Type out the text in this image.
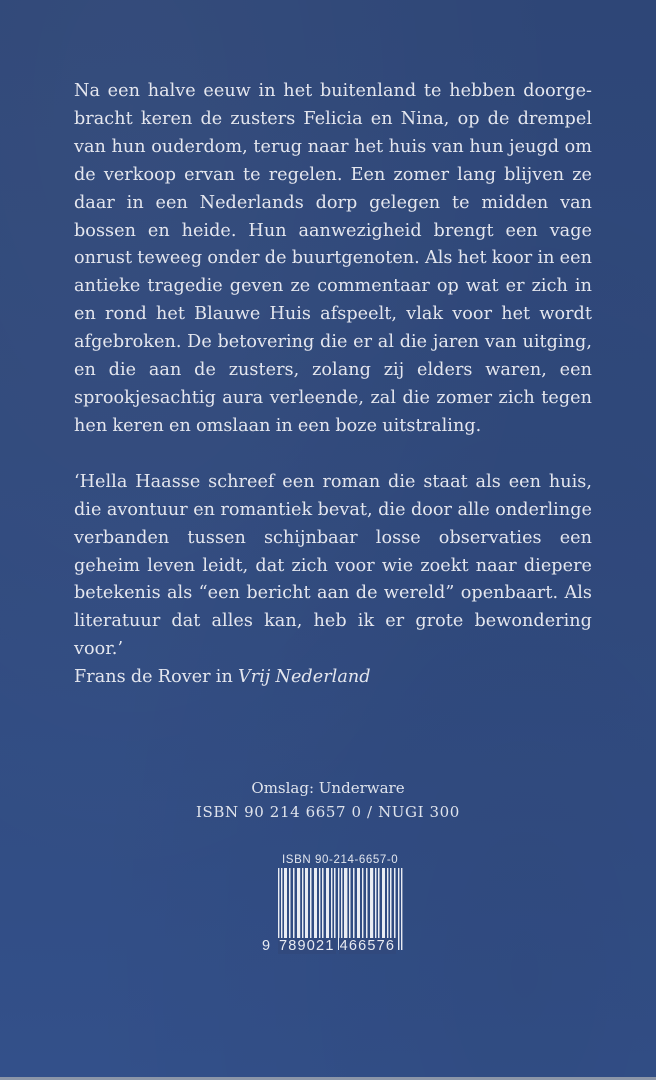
Na een halve eeuw in het buitenland te hebben doorgebracht keren de zusters Felicia en Nina, op de drempel van hun ouderdom, terug naar het huis van hun jeugd om de verkoop ervan te regelen. Een zomer lang blijven ze daar in een Nederlands dorp gelegen te midden van bossen en heide. Hun aanwezigheid brengt een vage onrust teweeg onder de buurtgenoten. Als het koor in een antieke tragedie geven ze commentaar op wat er zich in en rond het Blauwe Huis afspeelt, vlak voor het wordt afgebroken. De betovering die er al die jaren van uitging, en die aan de zusters, zolang zij elders waren, een sprookjesachtig aura verleende, zal die zomer zich tegen hen keren en omslaan in een boze uitstraling.

‘Hella Haasse schreef een roman die staat als een huis, die avontuur en romantiek bevat, die door alle onderlinge verbanden tussen schijnbaar losse observaties een geheim leven leidt, dat zich voor wie zoekt naar diepere betekenis als “een bericht aan de wereld” openbaart. Als literatuur dat alles kan, heb ik er grote bewondering voor.’
Frans de Rover in Vrij Nederland

Omslag: Underware
ISBN 90 214 6657 0 / NUGI 300
ISBN 90-214-6657-0
9 789021 466576
